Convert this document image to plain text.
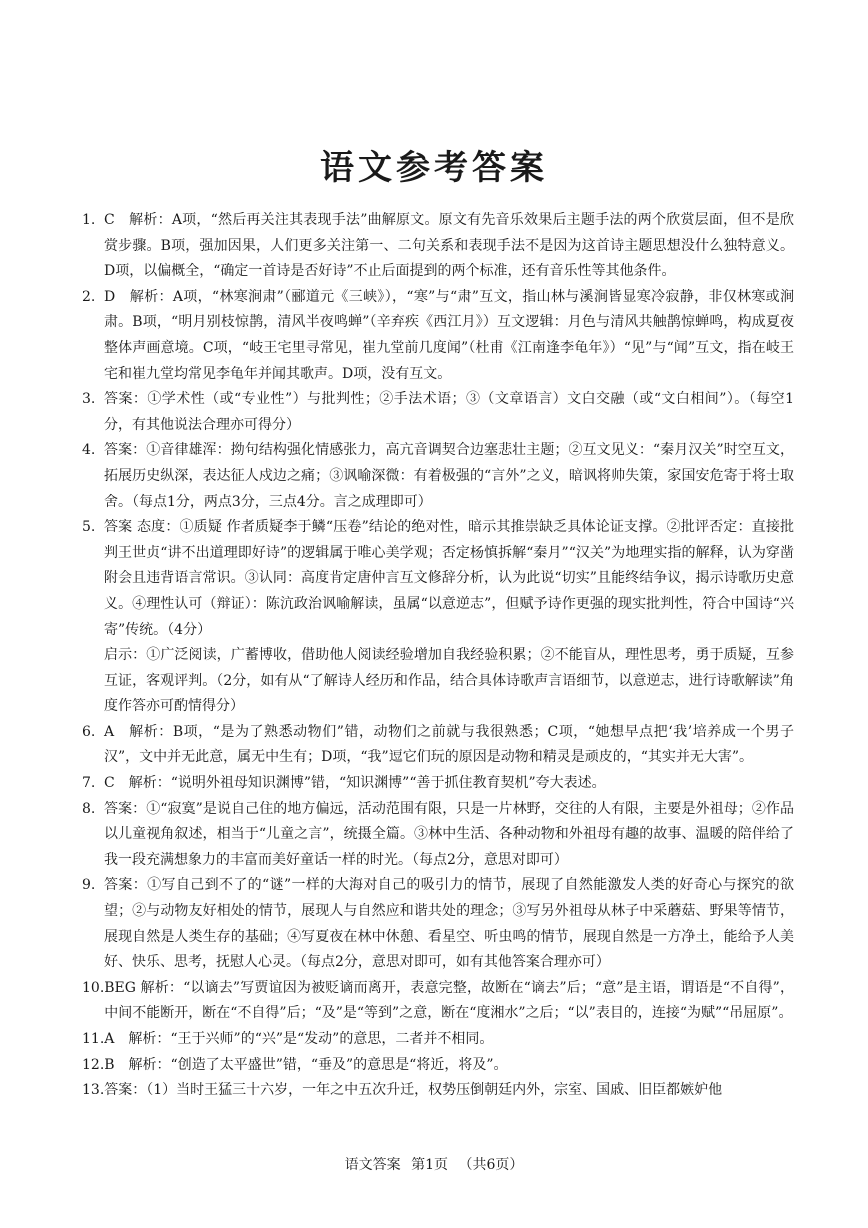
语文参考答案
1. C　解析：A项，“然后再关注其表现手法”曲解原文。原文有先音乐效果后主题手法的两个欣赏层面，但不是欣赏步骤。B项，强加因果，人们更多关注第一、二句关系和表现手法不是因为这首诗主题思想没什么独特意义。D项，以偏概全，“确定一首诗是否好诗”不止后面提到的两个标准，还有音乐性等其他条件。
2. D　解析：A项，“林寒涧肃”（郦道元《三峡》），“寒”与“肃”互文，指山林与溪涧皆显寒冷寂静，非仅林寒或涧肃。B项，“明月别枝惊鹊，清风半夜鸣蝉”（辛弃疾《西江月》）互文逻辑：月色与清风共触鹊惊蝉鸣，构成夏夜整体声画意境。C项，“岐王宅里寻常见，崔九堂前几度闻”（杜甫《江南逢李龟年》）“见”与“闻”互文，指在岐王宅和崔九堂均常见李龟年并闻其歌声。D项，没有互文。
3. 答案：①学术性（或“专业性”）与批判性；②手法术语；③（文章语言）文白交融（或“文白相间”）。（每空1分，有其他说法合理亦可得分）
4. 答案：①音律雄浑：拗句结构强化情感张力，高亢音调契合边塞悲壮主题；②互文见义：“秦月汉关”时空互文，拓展历史纵深，表达征人戍边之痛；③讽喻深微：有着极强的“言外”之义，暗讽将帅失策，家国安危寄于将士取舍。（每点1分，两点3分，三点4分。言之成理即可）
5. 答案 态度：①质疑 作者质疑李于鳞“压卷”结论的绝对性，暗示其推崇缺乏具体论证支撑。②批评否定：直接批判王世贞“讲不出道理即好诗”的逻辑属于唯心美学观；否定杨慎拆解“秦月”“汉关”为地理实指的解释，认为穿凿附会且违背语言常识。③认同：高度肯定唐仲言互文修辞分析，认为此说“切实”且能终结争议，揭示诗歌历史意义。④理性认可（辩证）：陈沆政治讽喻解读，虽属“以意逆志”，但赋予诗作更强的现实批判性，符合中国诗“兴寄”传统。（4分）
启示：①广泛阅读，广蓄博收，借助他人阅读经验增加自我经验积累；②不能盲从，理性思考，勇于质疑，互参互证，客观评判。（2分，如有从“了解诗人经历和作品，结合具体诗歌声言语细节，以意逆志，进行诗歌解读”角度作答亦可酌情得分）
6. A　解析：B项，“是为了熟悉动物们”错，动物们之前就与我很熟悉；C项，“她想早点把‘我’培养成一个男子汉”，文中并无此意，属无中生有；D项，“我”逗它们玩的原因是动物和精灵是顽皮的，“其实并无大害”。
7. C　解析：“说明外祖母知识渊博”错，“知识渊博”“善于抓住教育契机”夸大表述。
8. 答案：①“寂寞”是说自己住的地方偏远，活动范围有限，只是一片林野，交往的人有限，主要是外祖母；②作品以儿童视角叙述，相当于“儿童之言”，统摄全篇。③林中生活、各种动物和外祖母有趣的故事、温暖的陪伴给了我一段充满想象力的丰富而美好童话一样的时光。（每点2分，意思对即可）
9. 答案：①写自己到不了的“谜”一样的大海对自己的吸引力的情节，展现了自然能激发人类的好奇心与探究的欲望；②与动物友好相处的情节，展现人与自然应和谐共处的理念；③写另外祖母从林子中采蘑菇、野果等情节，展现自然是人类生存的基础；④写夏夜在林中休憩、看星空、听虫鸣的情节，展现自然是一方净土，能给予人美好、快乐、思考，抚慰人心灵。（每点2分，意思对即可，如有其他答案合理亦可）
10. BEG 解析：“以谪去”写贾谊因为被贬谪而离开，表意完整，故断在“谪去”后；“意”是主语，谓语是“不自得”，中间不能断开，断在“不自得”后；“及”是“等到”之意，断在“度湘水”之后；“以”表目的，连接“为赋”“吊屈原”。
11. A　解析：“王于兴师”的“兴”是“发动”的意思，二者并不相同。
12. B　解析：“创造了太平盛世”错，“垂及”的意思是“将近，将及”。
13. 答案：（1）当时王猛三十六岁，一年之中五次升迁，权势压倒朝廷内外，宗室、国戚、旧臣都嫉妒他
语文答案 第1页 （共6页）
